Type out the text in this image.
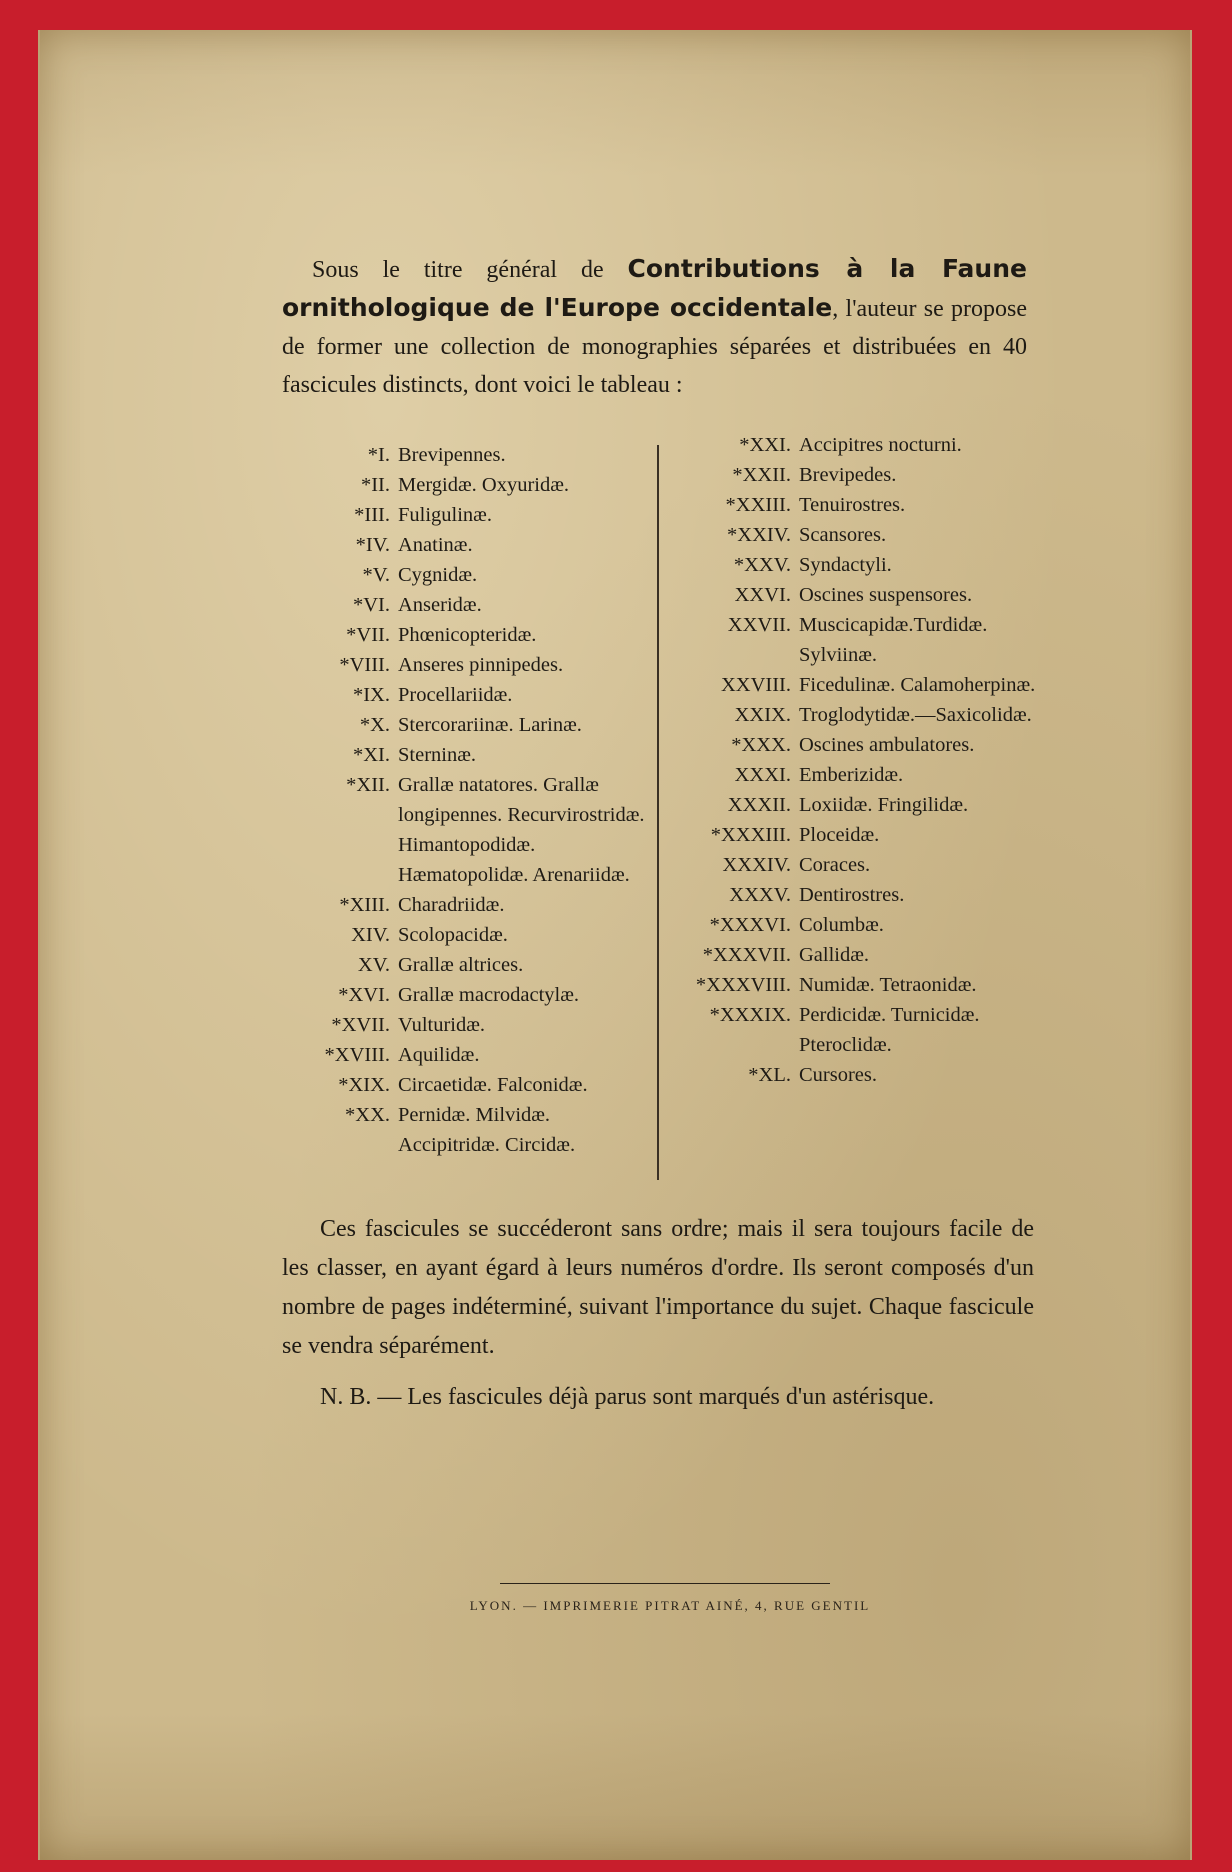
Sous le titre général de Contributions à la Faune ornithologique de l'Europe occidentale, l'auteur se propose de former une collection de monographies séparées et distribuées en 40 fascicules distincts, dont voici le tableau :
*I. Brevipennes.
*II. Mergidæ. Oxyuridæ.
*III. Fuligulinæ.
*IV. Anatinæ.
*V. Cygnidæ.
*VI. Anseridæ.
*VII. Phœnicopteridæ.
*VIII. Anseres pinnipedes.
*IX. Procellariidæ.
*X. Stercorariinæ. Larinæ.
*XI. Sterninæ.
*XII. Grallæ natatores. Grallæ longipennes. Recurvirostridæ. Himantopodidæ. Hæmatopolidæ. Arenariidæ.
*XIII. Charadriidæ.
XIV. Scolopacidæ.
XV. Grallæ altrices.
*XVI. Grallæ macrodactylæ.
*XVII. Vulturidæ.
*XVIII. Aquilidæ.
*XIX. Circaetidæ. Falconidæ.
*XX. Pernidæ. Milvidæ. Accipitridæ. Circidæ.
*XXI. Accipitres nocturni.
*XXII. Brevipedes.
*XXIII. Tenuirostres.
*XXIV. Scansores.
*XXV. Syndactyli.
XXVI. Oscines suspensores.
XXVII. Muscicapidæ.Turdidæ. Sylviinæ.
XXVIII. Ficedulinæ. Calamoherpinæ.
XXIX. Troglodytidæ.—Saxicolidæ.
*XXX. Oscines ambulatores.
XXXI. Emberizidæ.
XXXII. Loxiidæ. Fringilidæ.
*XXXIII. Ploceidæ.
XXXIV. Coraces.
XXXV. Dentirostres.
*XXXVI. Columbæ.
*XXXVII. Gallidæ.
*XXXVIII. Numidæ. Tetraonidæ.
*XXXIX. Perdicidæ. Turnicidæ. Pteroclidæ.
*XL. Cursores.

Ces fascicules se succéderont sans ordre; mais il sera toujours facile de les classer, en ayant égard à leurs numéros d'ordre. Ils seront composés d'un nombre de pages indéterminé, suivant l'importance du sujet. Chaque fascicule se vendra séparément.

N. B. — Les fascicules déjà parus sont marqués d'un astérisque.

LYON. — IMPRIMERIE PITRAT AINÉ, 4, RUE GENTIL
